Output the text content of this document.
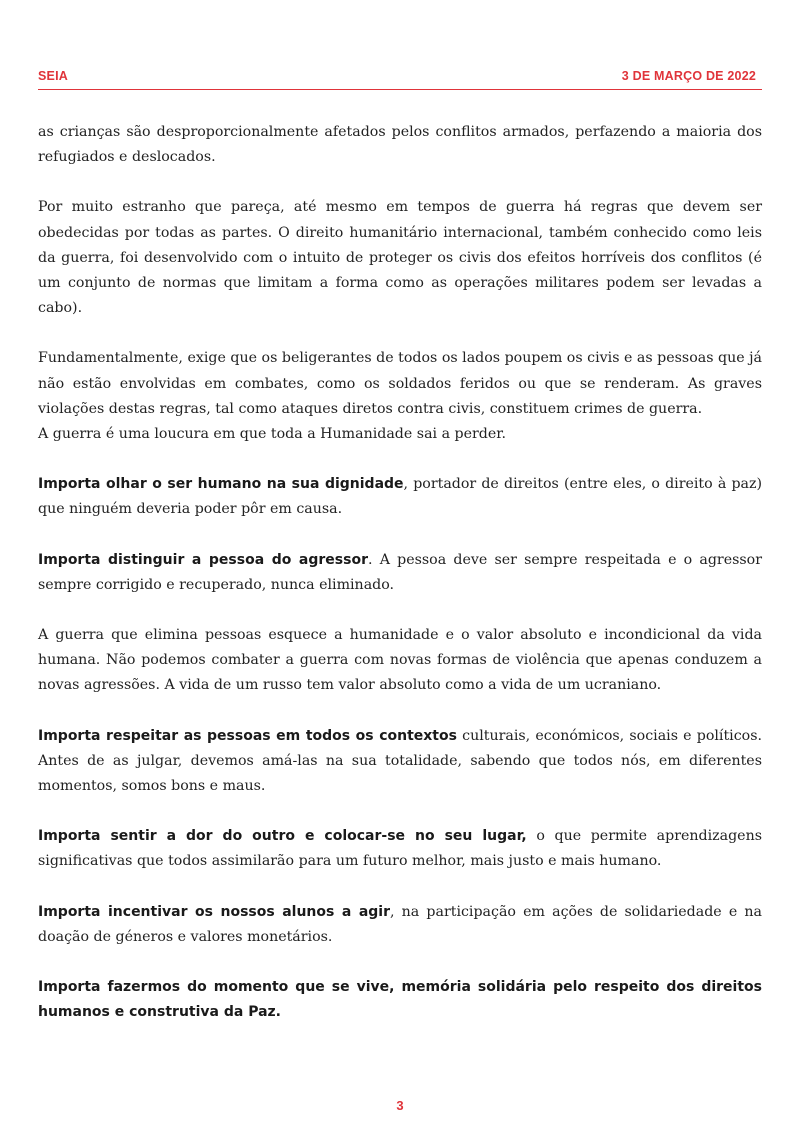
SEIA	3 DE MARÇO DE 2022

as crianças são desproporcionalmente afetados pelos conflitos armados, perfazendo a maioria dos refugiados e deslocados.

Por muito estranho que pareça, até mesmo em tempos de guerra há regras que devem ser obedecidas por todas as partes. O direito humanitário internacional, também conhecido como leis da guerra, foi desenvolvido com o intuito de proteger os civis dos efeitos horríveis dos conflitos (é um conjunto de normas que limitam a forma como as operações militares podem ser levadas a cabo).

Fundamentalmente, exige que os beligerantes de todos os lados poupem os civis e as pessoas que já não estão envolvidas em combates, como os soldados feridos ou que se renderam. As graves violações destas regras, tal como ataques diretos contra civis, constituem crimes de guerra.

A guerra é uma loucura em que toda a Humanidade sai a perder.

Importa olhar o ser humano na sua dignidade, portador de direitos (entre eles, o direito à paz) que ninguém deveria poder pôr em causa.

Importa distinguir a pessoa do agressor. A pessoa deve ser sempre respeitada e o agressor sempre corrigido e recuperado, nunca eliminado.

A guerra que elimina pessoas esquece a humanidade e o valor absoluto e incondicional da vida humana. Não podemos combater a guerra com novas formas de violência que apenas conduzem a novas agressões. A vida de um russo tem valor absoluto como a vida de um ucraniano.

Importa respeitar as pessoas em todos os contextos culturais, económicos, sociais e políticos. Antes de as julgar, devemos amá-las na sua totalidade, sabendo que todos nós, em diferentes momentos, somos bons e maus.

Importa sentir a dor do outro e colocar-se no seu lugar, o que permite aprendizagens significativas que todos assimilarão para um futuro melhor, mais justo e mais humano.

Importa incentivar os nossos alunos a agir, na participação em ações de solidariedade e na doação de géneros e valores monetários.

Importa fazermos do momento que se vive, memória solidária pelo respeito dos direitos humanos e construtiva da Paz.

3
